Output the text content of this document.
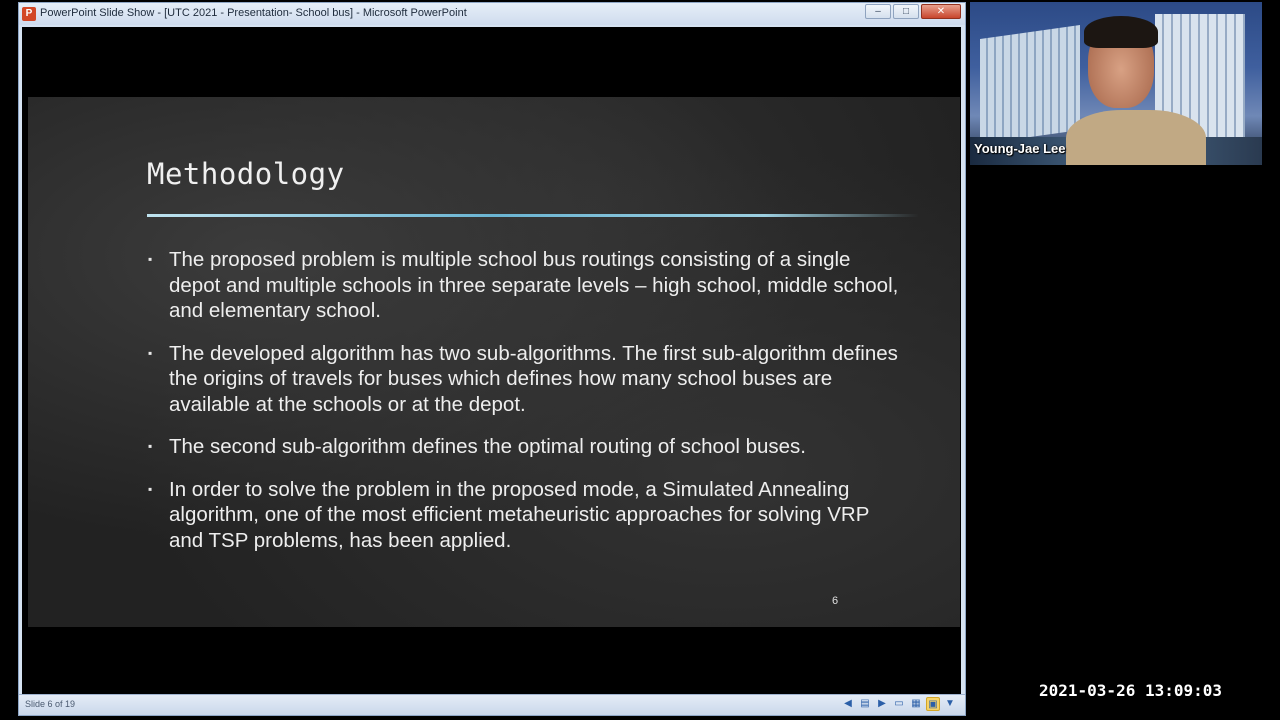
P PowerPoint Slide Show - [UTC 2021 - Presentation- School bus] - Microsoft PowerPoint	–	□	✕
Methodology
▪ The proposed problem is multiple school bus routings consisting of a single depot and multiple schools in three separate levels – high school, middle school, and elementary school.
▪ The developed algorithm has two sub-algorithms. The first sub-algorithm defines the origins of travels for buses which defines how many school buses are available at the schools or at the depot.
▪ The second sub-algorithm defines the optimal routing of school buses.
▪ In order to solve the problem in the proposed mode, a Simulated Annealing algorithm, one of the most efficient metaheuristic approaches for solving VRP and TSP problems, has been applied.
6
Slide 6 of 19	◀ ▤ ▶ ▭ ▦ ▣ ▼
Young-Jae Lee
2021-03-26 13:09:03
